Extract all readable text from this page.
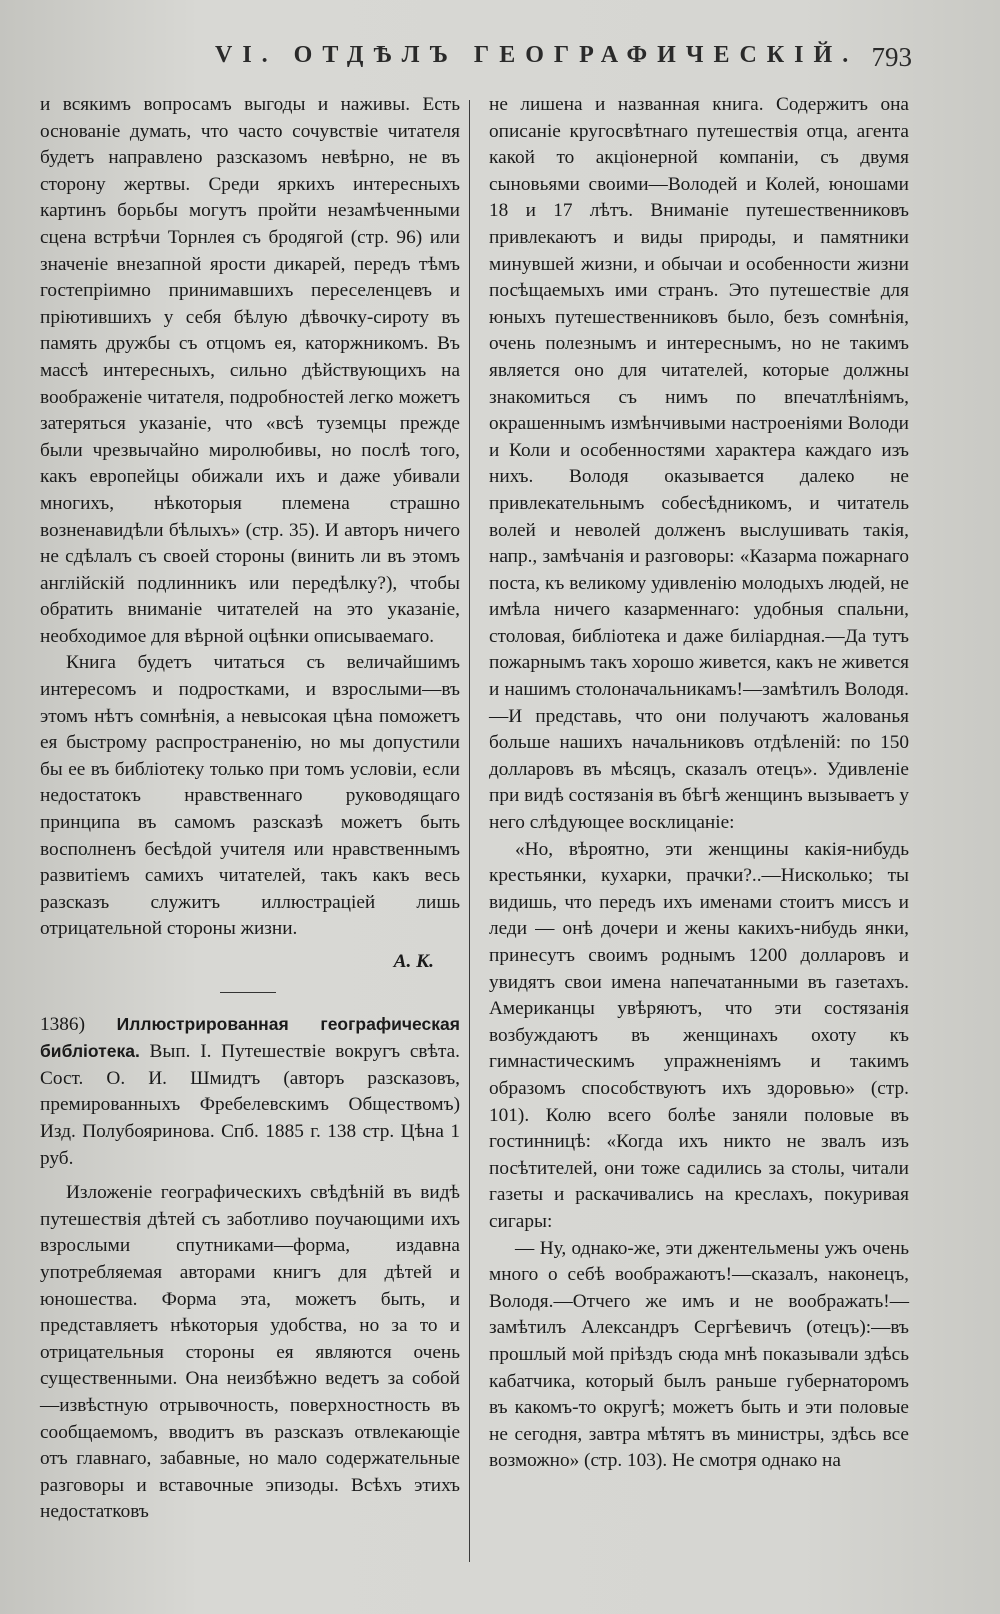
VI. ОТДѢЛЪ ГЕОГРАФИЧЕСКІЙ. 793

и всякимъ вопросамъ выгоды и наживы. Есть основаніе думать, что часто сочувствіе читателя будетъ направлено разсказомъ невѣрно, не въ сторону жертвы. Среди яркихъ интересныхъ картинъ борьбы могутъ пройти незамѣченными сцена встрѣчи Торнлея съ бродягой (стр. 96) или значеніе внезапной ярости дикарей, передъ тѣмъ гостепріимно принимавшихъ переселенцевъ и пріютившихъ у себя бѣлую дѣвочку-сироту въ память дружбы съ отцомъ ея, каторжникомъ. Въ массѣ интересныхъ, сильно дѣйствующихъ на воображеніе читателя, подробностей легко можетъ затеряться указаніе, что «всѣ туземцы прежде были чрезвычайно миролюбивы, но послѣ того, какъ европейцы обижали ихъ и даже убивали многихъ, нѣкоторыя племена страшно возненавидѣли бѣлыхъ» (стр. 35). И авторъ ничего не сдѣлалъ съ своей стороны (винить ли въ этомъ англійскій подлинникъ или передѣлку?), чтобы обратить вниманіе читателей на это указаніе, необходимое для вѣрной оцѣнки описываемаго.

Книга будетъ читаться съ величайшимъ интересомъ и подростками, и взрослыми—въ этомъ нѣтъ сомнѣнія, а невысокая цѣна поможетъ ея быстрому распространенію, но мы допустили бы ее въ библіотеку только при томъ условіи, если недостатокъ нравственнаго руководящаго принципа въ самомъ разсказѣ можетъ быть восполненъ бесѣдой учителя или нравственнымъ развитіемъ самихъ читателей, такъ какъ весь разсказъ служитъ иллюстраціей лишь отрицательной стороны жизни.

А. К.

1386) Иллюстрированная географическая библіотека. Вып. I. Путешествіе вокругъ свѣта. Сост. О. И. Шмидтъ (авторъ разсказовъ, премированныхъ Фребелевскимъ Обществомъ) Изд. Полубояринова. Спб. 1885 г. 138 стр. Цѣна 1 руб.

Изложеніе географическихъ свѣдѣній въ видѣ путешествія дѣтей съ заботливо поучающими ихъ взрослыми спутниками—форма, издавна употребляемая авторами книгъ для дѣтей и юношества. Форма эта, можетъ быть, и представляетъ нѣкоторыя удобства, но за то и отрицательныя стороны ея являются очень существенными. Она неизбѣжно ведетъ за собой—извѣстную отрывочность, поверхностность въ сообщаемомъ, вводитъ въ разсказъ отвлекающіе отъ главнаго, забавные, но мало содержательные разговоры и вставочные эпизоды. Всѣхъ этихъ недостатковъ

не лишена и названная книга. Содержитъ она описаніе кругосвѣтнаго путешествія отца, агента какой то акціонерной компаніи, съ двумя сыновьями своими—Володей и Колей, юношами 18 и 17 лѣтъ. Вниманіе путешественниковъ привлекаютъ и виды природы, и памятники минувшей жизни, и обычаи и особенности жизни посѣщаемыхъ ими странъ. Это путешествіе для юныхъ путешественниковъ было, безъ сомнѣнія, очень полезнымъ и интереснымъ, но не такимъ является оно для читателей, которые должны знакомиться съ нимъ по впечатлѣніямъ, окрашеннымъ измѣнчивыми настроеніями Володи и Коли и особенностями характера каждаго изъ нихъ. Володя оказывается далеко не привлекательнымъ собесѣдникомъ, и читатель волей и неволей долженъ выслушивать такія, напр., замѣчанія и разговоры: «Казарма пожарнаго поста, къ великому удивленію молодыхъ людей, не имѣла ничего казарменнаго: удобныя спальни, столовая, библіотека и даже биліардная.—Да тутъ пожарнымъ такъ хорошо живется, какъ не живется и нашимъ столоначальникамъ!—замѣтилъ Володя.—И представь, что они получаютъ жалованья больше нашихъ начальниковъ отдѣленій: по 150 долларовъ въ мѣсяцъ, сказалъ отецъ». Удивленіе при видѣ состязанія въ бѣгѣ женщинъ вызываетъ у него слѣдующее восклицаніе:

«Но, вѣроятно, эти женщины какія-нибудь крестьянки, кухарки, прачки?..—Нисколько; ты видишь, что передъ ихъ именами стоитъ миссъ и леди — онѣ дочери и жены какихъ-нибудь янки, принесутъ своимъ роднымъ 1200 долларовъ и увидятъ свои имена напечатанными въ газетахъ. Американцы увѣряютъ, что эти состязанія возбуждаютъ въ женщинахъ охоту къ гимнастическимъ упражненіямъ и такимъ образомъ способствуютъ ихъ здоровью» (стр. 101). Колю всего болѣе заняли половые въ гостинницѣ: «Когда ихъ никто не звалъ изъ посѣтителей, они тоже садились за столы, читали газеты и раскачивались на креслахъ, покуривая сигары:

— Ну, однако-же, эти джентельмены ужъ очень много о себѣ воображаютъ!—сказалъ, наконецъ, Володя.—Отчего же имъ и не воображать!—замѣтилъ Александръ Сергѣевичъ (отецъ):—въ прошлый мой пріѣздъ сюда мнѣ показывали здѣсь кабатчика, который былъ раньше губернаторомъ въ какомъ-то округѣ; можетъ быть и эти половые не сегодня, завтра мѣтятъ въ министры, здѣсь все возможно» (стр. 103). Не смотря однако на
